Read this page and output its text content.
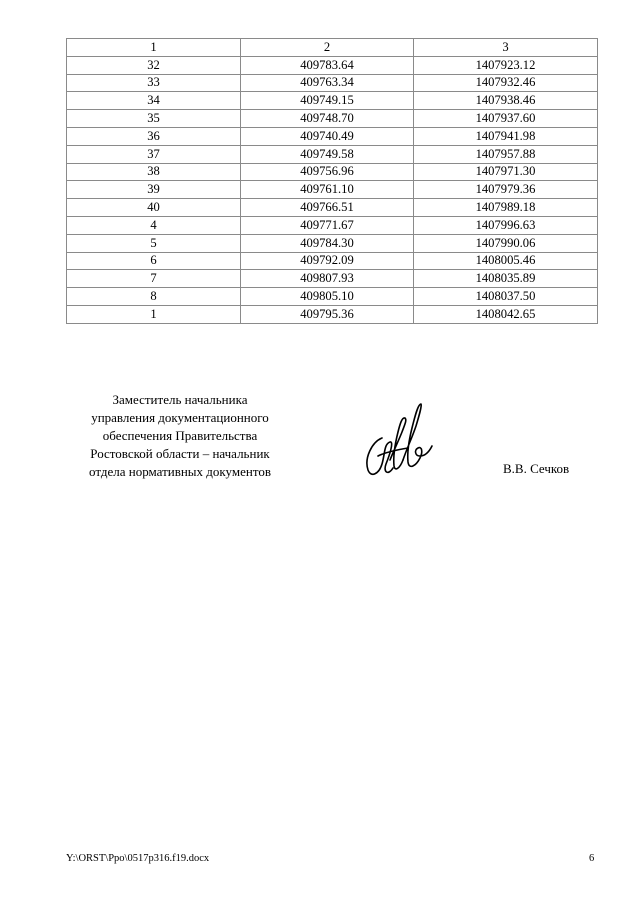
1	2	3
32	409783.64	1407923.12
33	409763.34	1407932.46
34	409749.15	1407938.46
35	409748.70	1407937.60
36	409740.49	1407941.98
37	409749.58	1407957.88
38	409756.96	1407971.30
39	409761.10	1407979.36
40	409766.51	1407989.18
4	409771.67	1407996.63
5	409784.30	1407990.06
6	409792.09	1408005.46
7	409807.93	1408035.89
8	409805.10	1408037.50
1	409795.36	1408042.65
Заместитель начальника
управления документационного
обеспечения Правительства
Ростовской области – начальник
отдела нормативных документов	В.В. Сечков
Y:\ORST\Ppo\0517p316.f19.docx	6
